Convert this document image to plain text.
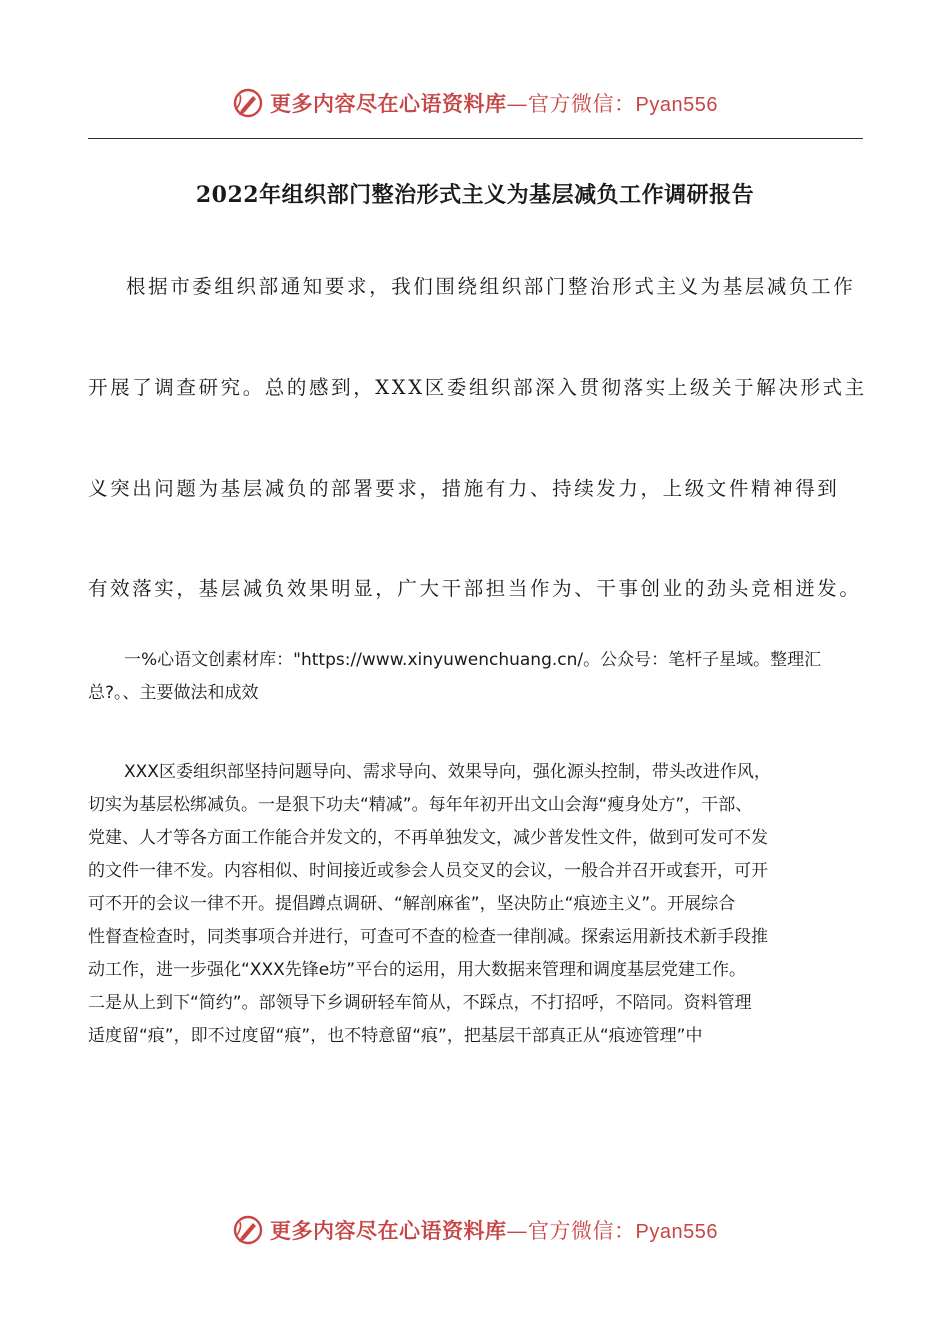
更多内容尽在心语资料库—官方微信：Pyan556
2022年组织部门整治形式主义为基层减负工作调研报告
根据市委组织部通知要求，我们围绕组织部门整治形式主义为基层减负工作
开展了调查研究。总的感到，XXX区委组织部深入贯彻落实上级关于解决形式主
义突出问题为基层减负的部署要求，措施有力、持续发力，上级文件精神得到
有效落实，基层减负效果明显，广大干部担当作为、干事创业的劲头竞相迸发。
一%心语文创素材库："https://www.xinyuwenchuang.cn/。公众号：笔杆子星域。整理汇
总?。、主要做法和成效
XXX区委组织部坚持问题导向、需求导向、效果导向，强化源头控制，带头改进作风，
切实为基层松绑减负。一是狠下功夫“精减”。每年年初开出文山会海“瘦身处方”，干部、
党建、人才等各方面工作能合并发文的，不再单独发文，减少普发性文件，做到可发可不发
的文件一律不发。内容相似、时间接近或参会人员交叉的会议，一般合并召开或套开，可开
可不开的会议一律不开。提倡蹲点调研、“解剖麻雀”，坚决防止“痕迹主义”。开展综合
性督查检查时，同类事项合并进行，可查可不查的检查一律削减。探索运用新技术新手段推
动工作，进一步强化“XXX先锋e坊”平台的运用，用大数据来管理和调度基层党建工作。
二是从上到下“简约”。部领导下乡调研轻车简从，不踩点，不打招呼，不陪同。资料管理
适度留“痕”，即不过度留“痕”，也不特意留“痕”，把基层干部真正从“痕迹管理”中
更多内容尽在心语资料库—官方微信：Pyan556
